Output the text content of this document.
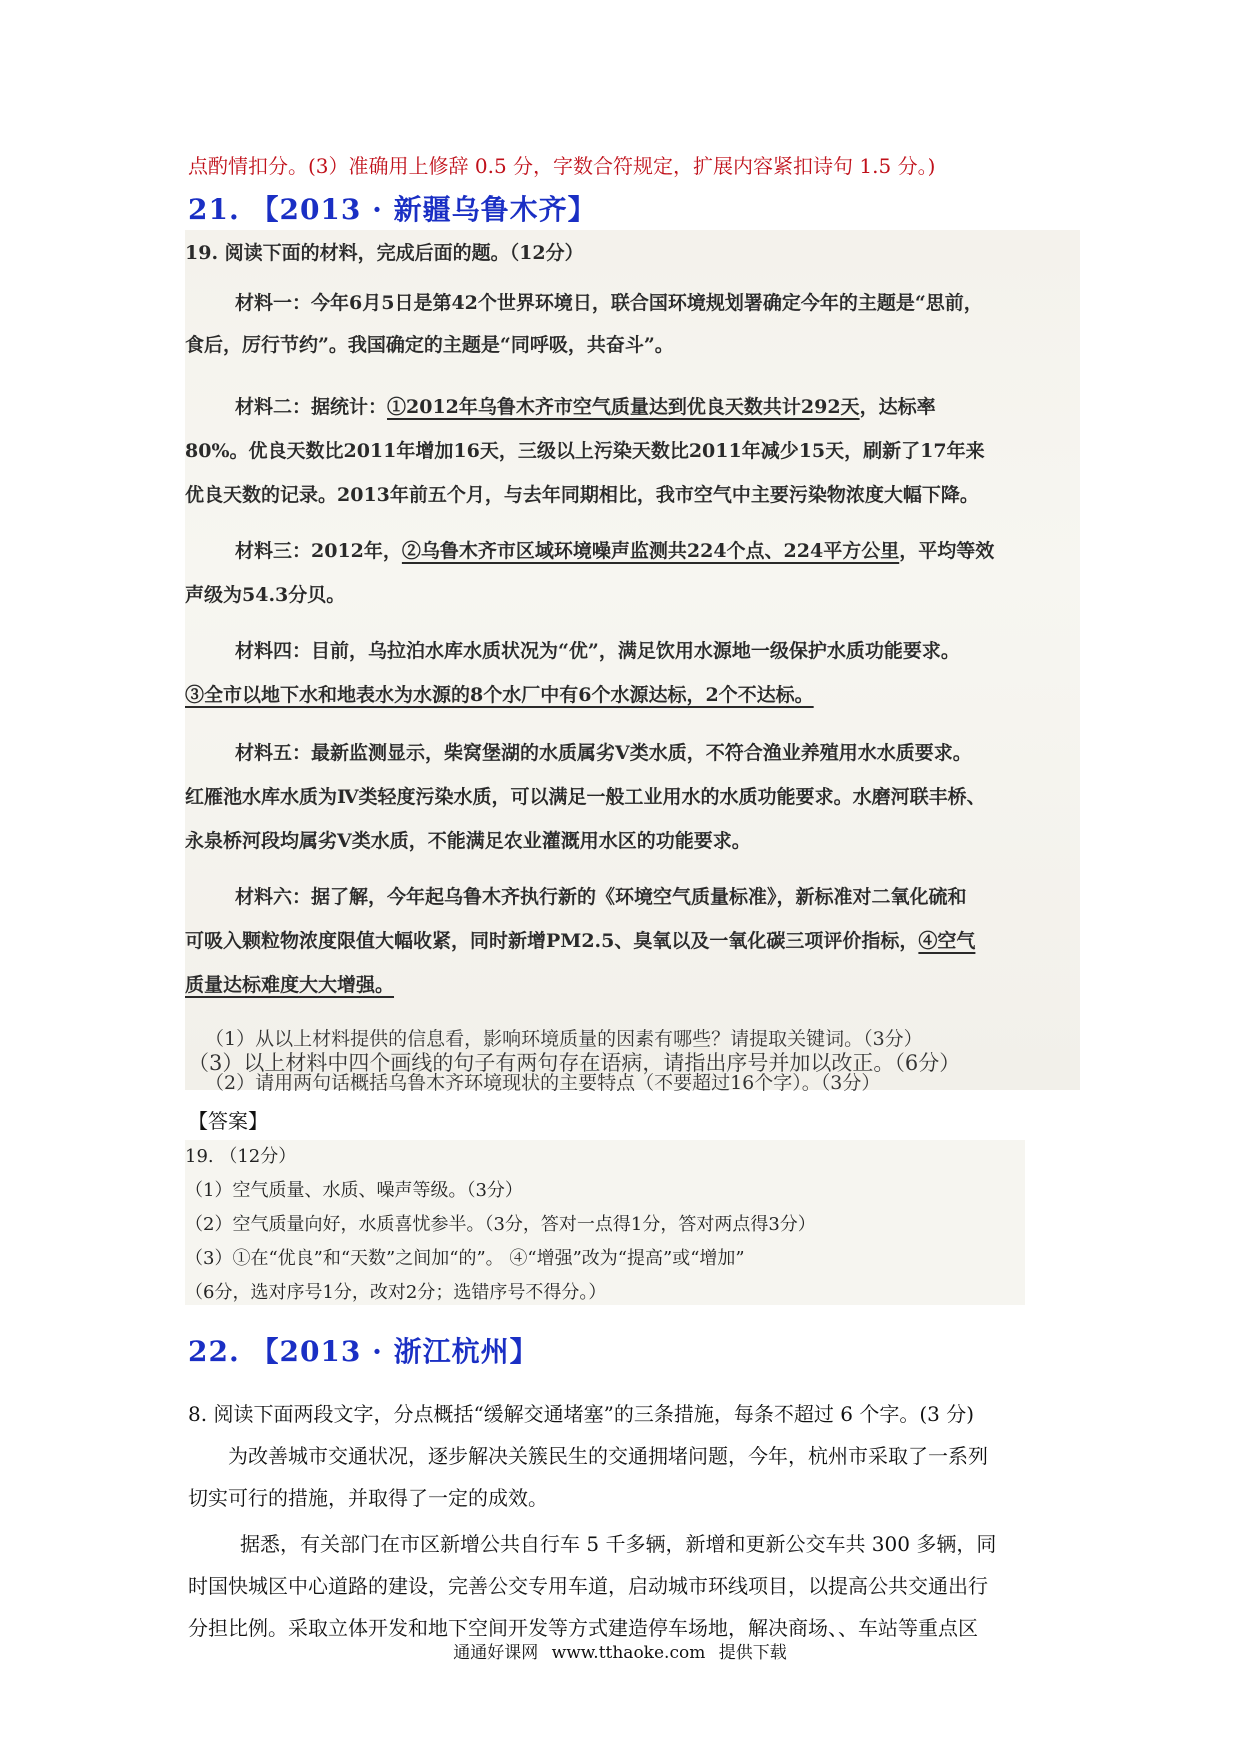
点酌情扣分。(3）准确用上修辞 0.5 分，字数合符规定，扩展内容紧扣诗句 1.5 分。)
21. 【2013 · 新疆乌鲁木齐】
19. 阅读下面的材料，完成后面的题。（12分）
材料一：今年6月5日是第42个世界环境日，联合国环境规划署确定今年的主题是“思前，
食后，厉行节约”。我国确定的主题是“同呼吸，共奋斗”。
材料二：据统计：①2012年乌鲁木齐市空气质量达到优良天数共计292天，达标率
80%。优良天数比2011年增加16天，三级以上污染天数比2011年减少15天，刷新了17年来
优良天数的记录。2013年前五个月，与去年同期相比，我市空气中主要污染物浓度大幅下降。
材料三：2012年，②乌鲁木齐市区域环境噪声监测共224个点、224平方公里，平均等效
声级为54.3分贝。
材料四：目前，乌拉泊水库水质状况为“优”，满足饮用水源地一级保护水质功能要求。
③全市以地下水和地表水为水源的8个水厂中有6个水源达标，2个不达标。
材料五：最新监测显示，柴窝堡湖的水质属劣V类水质，不符合渔业养殖用水水质要求。
红雁池水库水质为Ⅳ类轻度污染水质，可以满足一般工业用水的水质功能要求。水磨河联丰桥、
永泉桥河段均属劣V类水质，不能满足农业灌溉用水区的功能要求。
材料六：据了解，今年起乌鲁木齐执行新的《环境空气质量标准》，新标准对二氧化硫和
可吸入颗粒物浓度限值大幅收紧，同时新增PM2.5、臭氧以及一氧化碳三项评价指标，④空气
质量达标难度大大增强。
（1）从以上材料提供的信息看，影响环境质量的因素有哪些？请提取关键词。（3分）
（2）请用两句话概括乌鲁木齐环境现状的主要特点（不要超过16个字）。（3分）
（3）以上材料中四个画线的句子有两句存在语病，请指出序号并加以改正。（6分）
【答案】
19. （12分）
（1）空气质量、水质、噪声等级。（3分）
（2）空气质量向好，水质喜忧参半。（3分，答对一点得1分，答对两点得3分）
（3）①在“优良”和“天数”之间加“的”。 ④“增强”改为“提高”或“增加”
（6分，选对序号1分，改对2分；选错序号不得分。）
22. 【2013 · 浙江杭州】
8. 阅读下面两段文字，分点概括“缓解交通堵塞”的三条措施，每条不超过 6 个字。(3 分)
为改善城市交通状况，逐步解决关簇民生的交通拥堵问题，今年，杭州市采取了一系列
切实可行的措施，并取得了一定的成效。
据悉，有关部门在市区新增公共自行车 5 千多辆，新增和更新公交车共 300 多辆，同
时国快城区中心道路的建设，完善公交专用车道，启动城市环线项目，以提高公共交通出行
分担比例。采取立体开发和地下空间开发等方式建造停车场地，解决商场、、车站等重点区
通通好课网 www.tthaoke.com 提供下载
